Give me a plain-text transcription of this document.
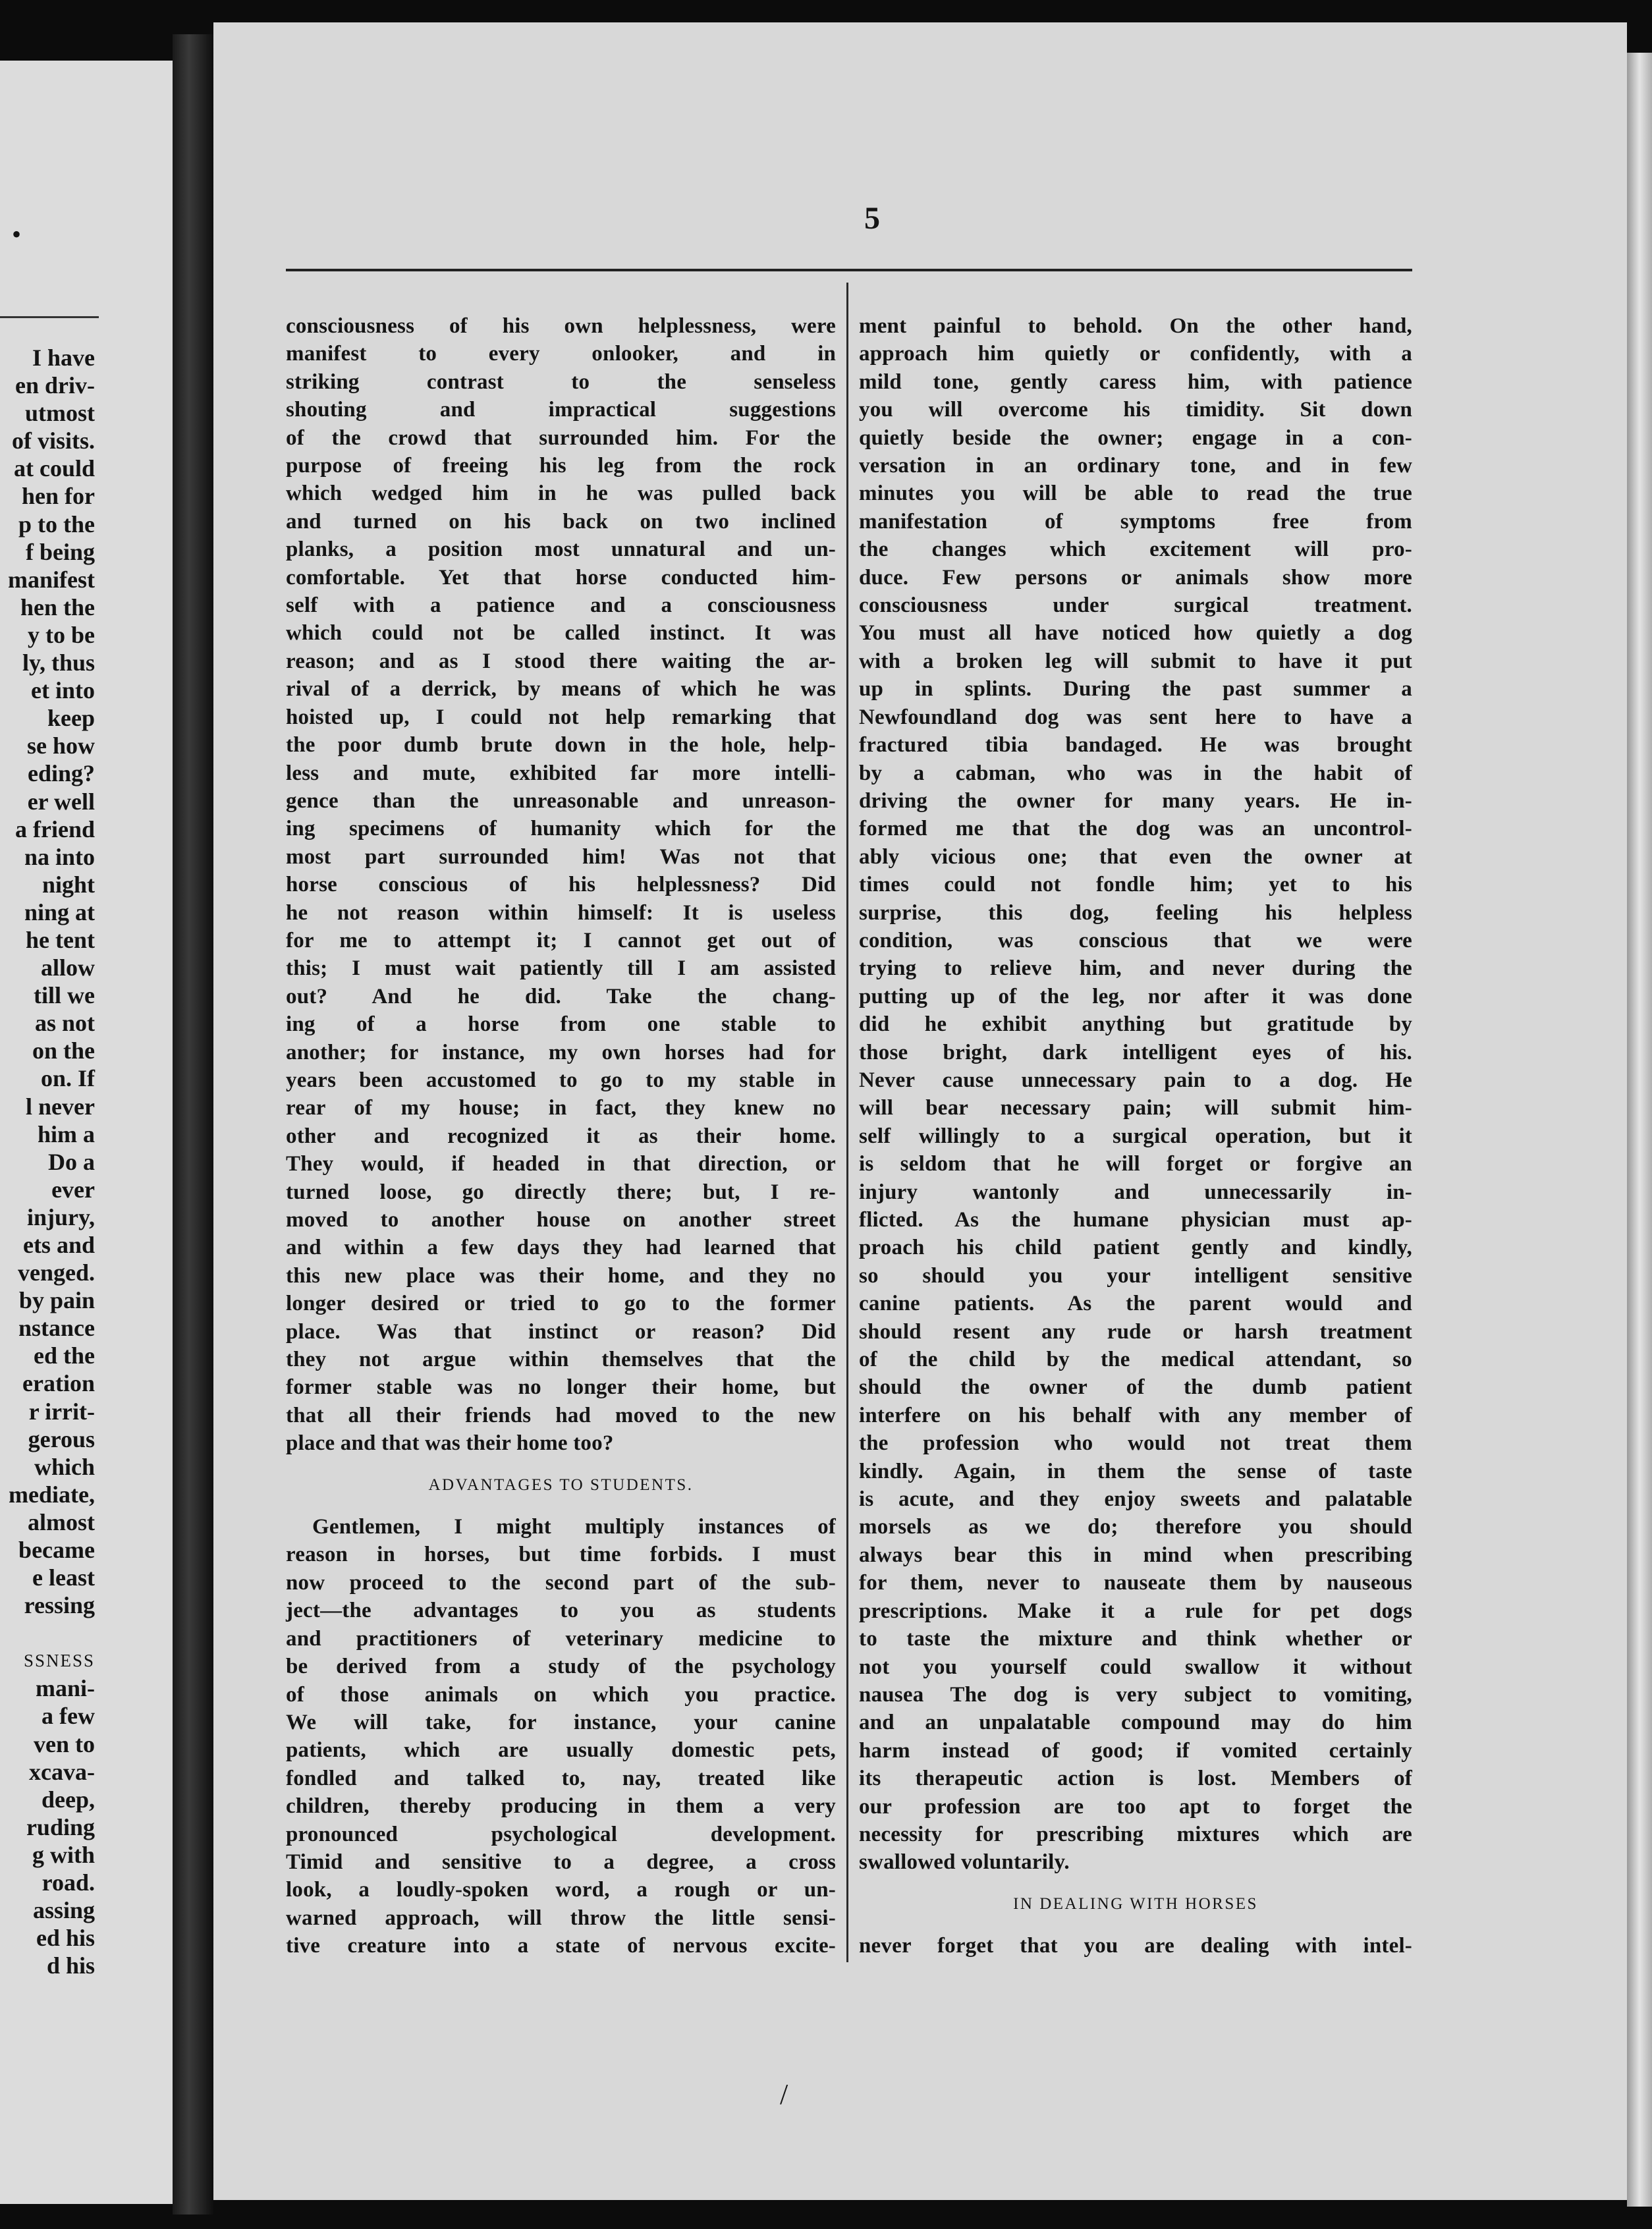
•
I have
en driv-
utmost
of visits.
at could
hen for
p to the
f being
manifest
hen the
y to be
ly, thus
et into
keep
se how
eding?
er well
a friend
na into
night
ning at
he tent
allow
till we
as not
on the
on. If
l never
him a
Do a
ever
injury,
ets and
venged.
by pain
nstance
ed the
eration
r irrit-
gerous
which
mediate,
almost
became
e least
ressing
SSNESS
mani-
a few
ven to
xcava-
deep,
ruding
g with
road.
assing
ed his
d his
5
consciousness of his own helplessness, were
manifest to every onlooker, and in
striking contrast to the senseless
shouting and impractical suggestions
of the crowd that surrounded him. For the
purpose of freeing his leg from the rock
which wedged him in he was pulled back
and turned on his back on two inclined
planks, a position most unnatural and un-
comfortable. Yet that horse conducted him-
self with a patience and a consciousness
which could not be called instinct. It was
reason; and as I stood there waiting the ar-
rival of a derrick, by means of which he was
hoisted up, I could not help remarking that
the poor dumb brute down in the hole, help-
less and mute, exhibited far more intelli-
gence than the unreasonable and unreason-
ing specimens of humanity which for the
most part surrounded him! Was not that
horse conscious of his helplessness? Did
he not reason within himself: It is useless
for me to attempt it; I cannot get out of
this; I must wait patiently till I am assisted
out? And he did. Take the chang-
ing of a horse from one stable to
another; for instance, my own horses had for
years been accustomed to go to my stable in
rear of my house; in fact, they knew no
other and recognized it as their home.
They would, if headed in that direction, or
turned loose, go directly there; but, I re-
moved to another house on another street
and within a few days they had learned that
this new place was their home, and they no
longer desired or tried to go to the former
place. Was that instinct or reason? Did
they not argue within themselves that the
former stable was no longer their home, but
that all their friends had moved to the new
place and that was their home too?
ADVANTAGES TO STUDENTS.
Gentlemen, I might multiply instances of
reason in horses, but time forbids. I must
now proceed to the second part of the sub-
ject—the advantages to you as students
and practitioners of veterinary medicine to
be derived from a study of the psychology
of those animals on which you practice.
We will take, for instance, your canine
patients, which are usually domestic pets,
fondled and talked to, nay, treated like
children, thereby producing in them a very
pronounced psychological development.
Timid and sensitive to a degree, a cross
look, a loudly-spoken word, a rough or un-
warned approach, will throw the little sensi-
tive creature into a state of nervous excite-
ment painful to behold. On the other hand,
approach him quietly or confidently, with a
mild tone, gently caress him, with patience
you will overcome his timidity. Sit down
quietly beside the owner; engage in a con-
versation in an ordinary tone, and in few
minutes you will be able to read the true
manifestation of symptoms free from
the changes which excitement will pro-
duce. Few persons or animals show more
consciousness under surgical treatment.
You must all have noticed how quietly a dog
with a broken leg will submit to have it put
up in splints. During the past summer a
Newfoundland dog was sent here to have a
fractured tibia bandaged. He was brought
by a cabman, who was in the habit of
driving the owner for many years. He in-
formed me that the dog was an uncontrol-
ably vicious one; that even the owner at
times could not fondle him; yet to his
surprise, this dog, feeling his helpless
condition, was conscious that we were
trying to relieve him, and never during the
putting up of the leg, nor after it was done
did he exhibit anything but gratitude by
those bright, dark intelligent eyes of his.
Never cause unnecessary pain to a dog. He
will bear necessary pain; will submit him-
self willingly to a surgical operation, but it
is seldom that he will forget or forgive an
injury wantonly and unnecessarily in-
flicted. As the humane physician must ap-
proach his child patient gently and kindly,
so should you your intelligent sensitive
canine patients. As the parent would and
should resent any rude or harsh treatment
of the child by the medical attendant, so
should the owner of the dumb patient
interfere on his behalf with any member of
the profession who would not treat them
kindly. Again, in them the sense of taste
is acute, and they enjoy sweets and palatable
morsels as we do; therefore you should
always bear this in mind when prescribing
for them, never to nauseate them by nauseous
prescriptions. Make it a rule for pet dogs
to taste the mixture and think whether or
not you yourself could swallow it without
nausea The dog is very subject to vomiting,
and an unpalatable compound may do him
harm instead of good; if vomited certainly
its therapeutic action is lost. Members of
our profession are too apt to forget the
necessity for prescribing mixtures which are
swallowed voluntarily.
IN DEALING WITH HORSES
never forget that you are dealing with intel-
/
